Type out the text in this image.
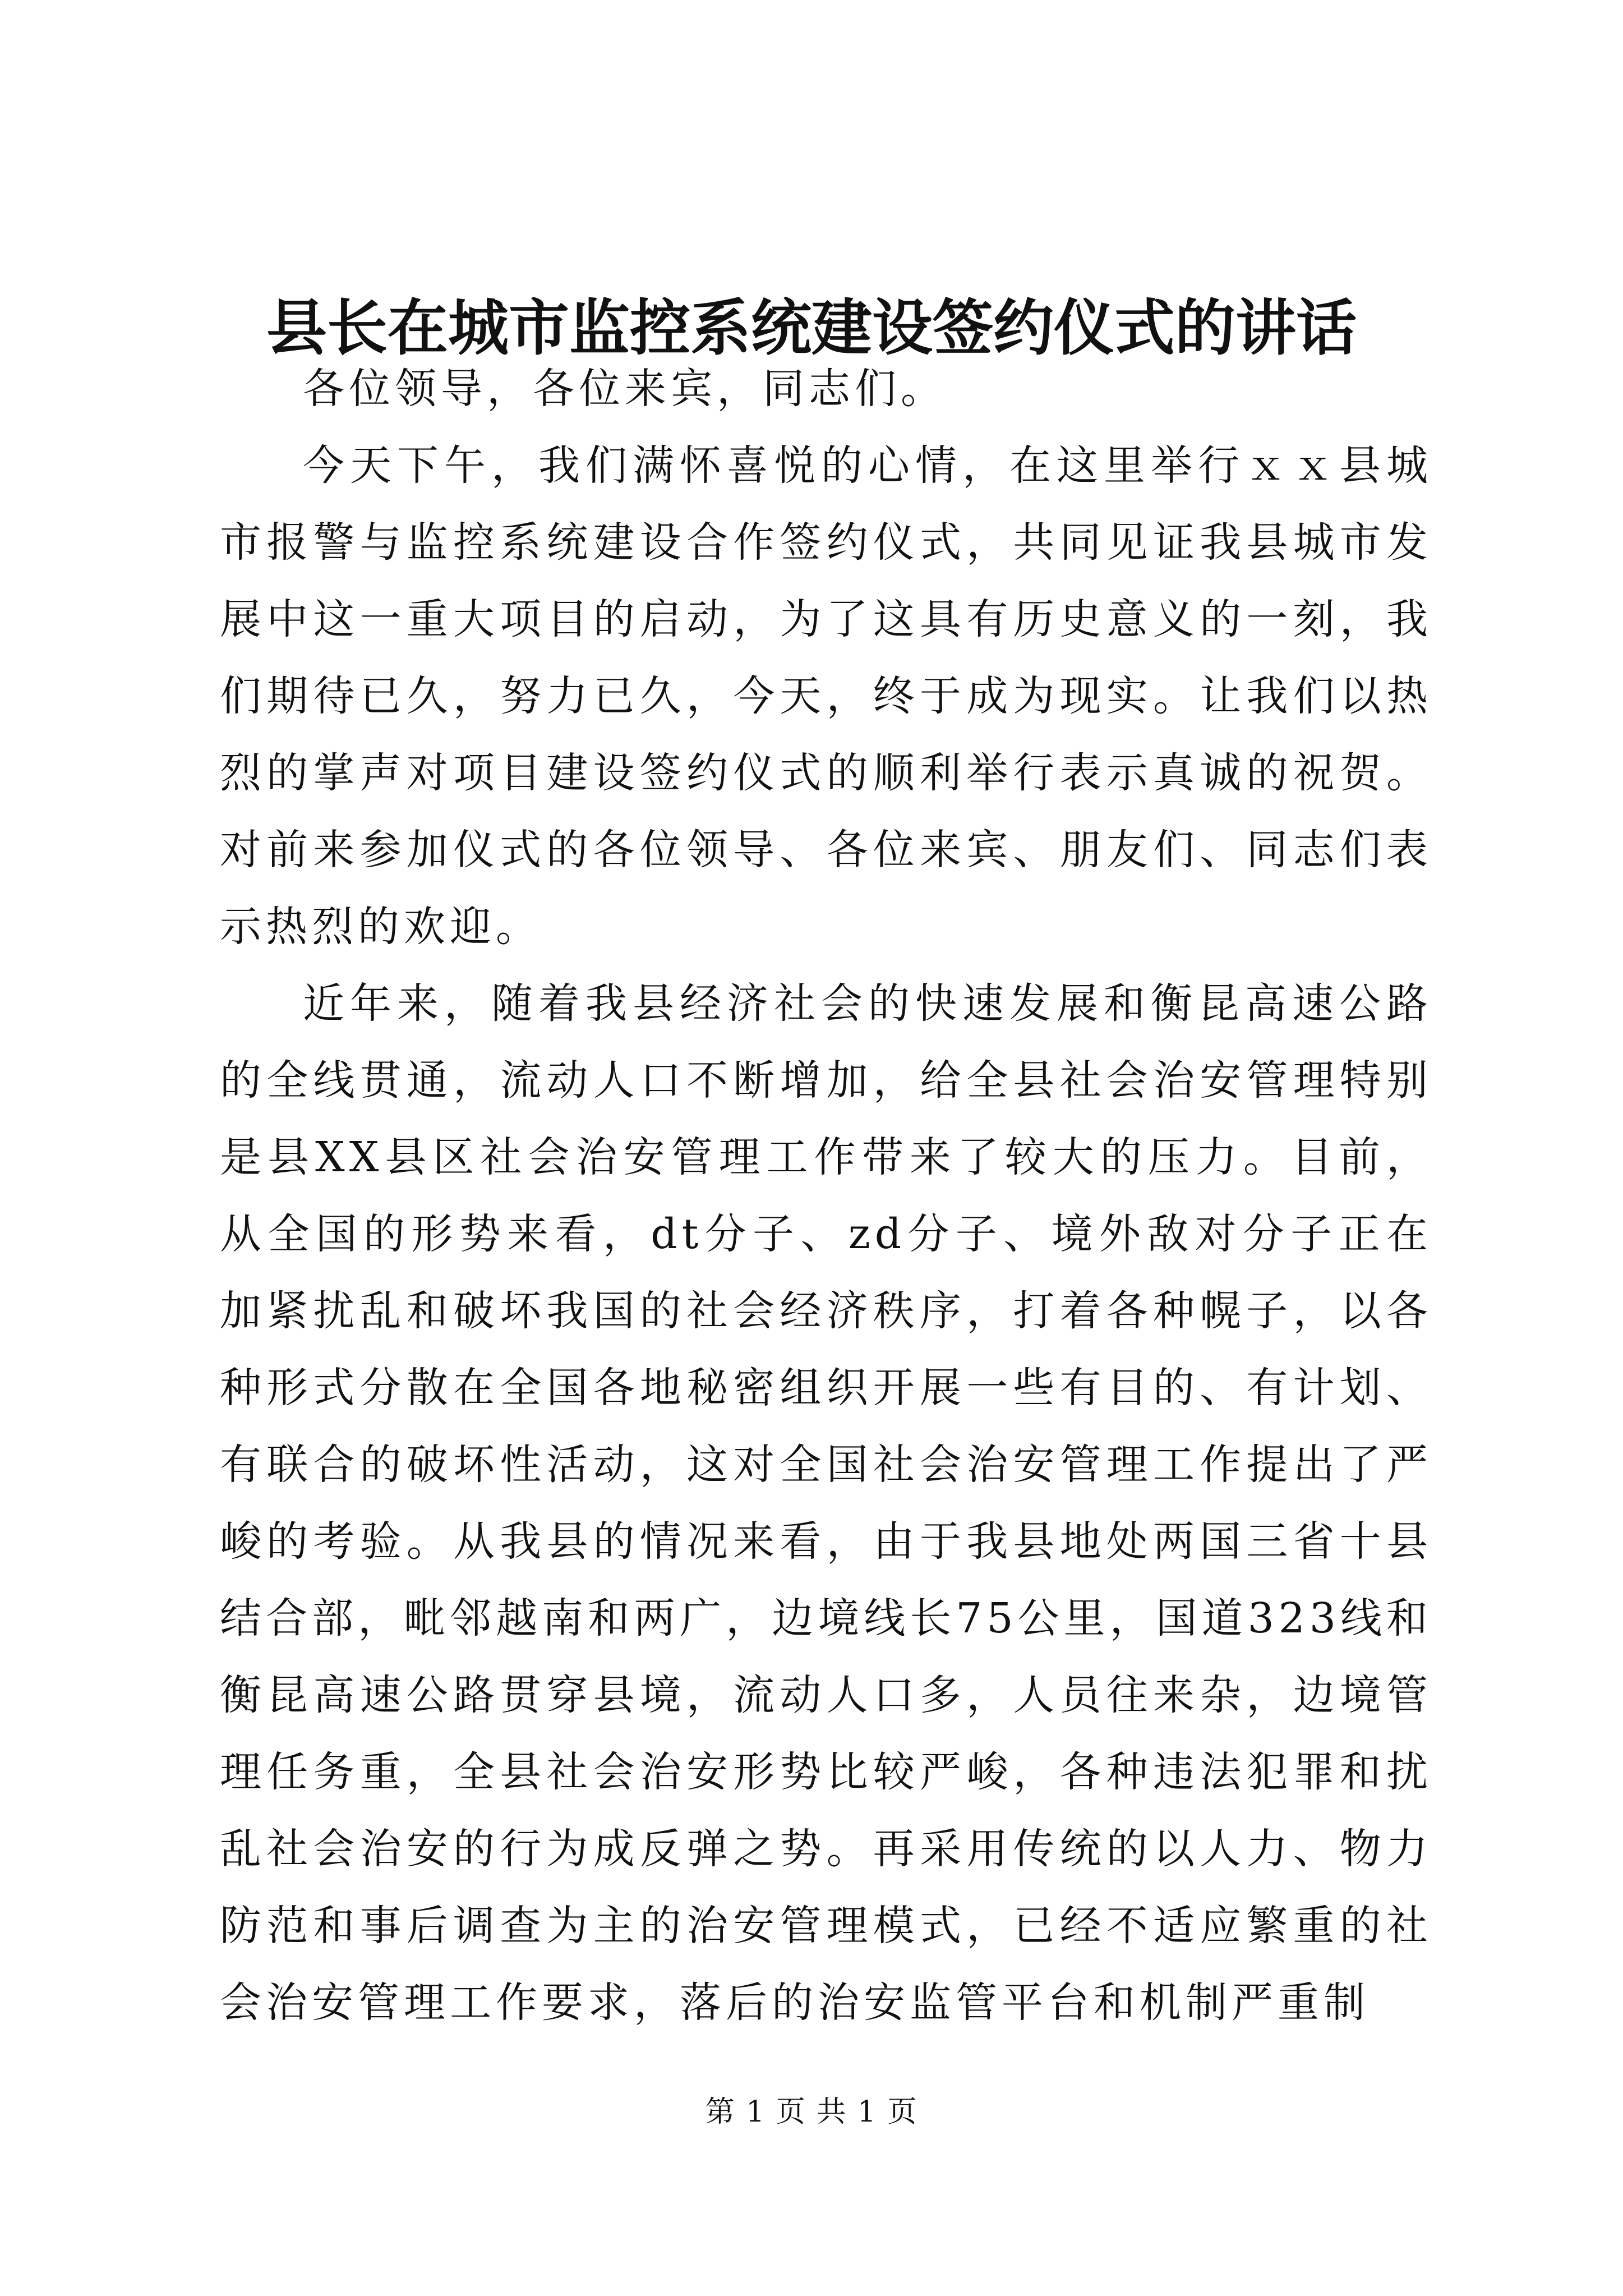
县长在城市监控系统建设签约仪式的讲话

各位领导，各位来宾，同志们。

今天下午，我们满怀喜悦的心情，在这里举行ｘｘ县城市报警与监控系统建设合作签约仪式，共同见证我县城市发展中这一重大项目的启动，为了这具有历史意义的一刻，我们期待已久，努力已久，今天，终于成为现实。让我们以热烈的掌声对项目建设签约仪式的顺利举行表示真诚的祝贺。对前来参加仪式的各位领导、各位来宾、朋友们、同志们表示热烈的欢迎。

近年来，随着我县经济社会的快速发展和衡昆高速公路的全线贯通，流动人口不断增加，给全县社会治安管理特别是县XX县区社会治安管理工作带来了较大的压力。目前，从全国的形势来看，dt分子、zd分子、境外敌对分子正在加紧扰乱和破坏我国的社会经济秩序，打着各种幌子，以各种形式分散在全国各地秘密组织开展一些有目的、有计划、有联合的破坏性活动，这对全国社会治安管理工作提出了严峻的考验。从我县的情况来看，由于我县地处两国三省十县结合部，毗邻越南和两广，边境线长75公里，国道323线和衡昆高速公路贯穿县境，流动人口多，人员往来杂，边境管理任务重，全县社会治安形势比较严峻，各种违法犯罪和扰乱社会治安的行为成反弹之势。再采用传统的以人力、物力防范和事后调查为主的治安管理模式，已经不适应繁重的社会治安管理工作要求，落后的治安监管平台和机制严重制

第 1 页 共 1 页
